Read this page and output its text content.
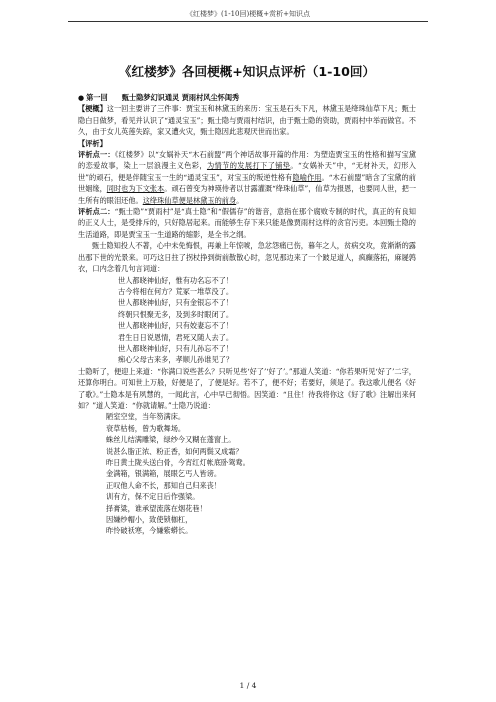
《红楼梦》(1-10回)梗概+赏析+知识点
《红楼梦》各回梗概+知识点评析（1-10回）
● 第一回 甄士隐梦幻识通灵 贾雨村风尘怀闺秀

【梗概】这一回主要讲了三件事：贾宝玉和林黛玉的来历：宝玉是石头下凡，林黛玉是绛珠仙草下凡；甄士隐白日做梦，看见并认识了“通灵宝玉”；甄士隐与贾雨村结识，由于甄士隐的资助，贾雨村中举而做官。不久，由于女儿英莲失踪，家又遭火灾，甄士隐因此悲观厌世而出家。

【评析】

评析点一：《红楼梦》以“女娲补天“木石前盟”两个神话故事开篇的作用：为塑造贾宝玉的性格和描写宝黛的恋爱故事，染上一层浪漫主义色彩，为情节的发展打下了铺垫。“女娲补天”中，“无材补天，幻形入世”的顽石，便是伴随宝玉一生的“通灵宝玉”，对宝玉的叛逆性格有隐喻作用。“木石前盟”暗含了宝黛的前世姻缘，同时也为下文张本。顽石曾变为神瑛侍者以甘露灌溉“绛珠仙草”，仙草为报恩，也要同人世，把一生所有的眼泪还他。这绛珠仙草便是林黛玉的前身。

评析点二：“甄士隐”“贾雨村”是“真士隐”和“假儒存”的谐音，意指在那个腐败专制的时代，真正的有良知的正义人士，是受排斥的，只好隐居起来。而能够生存下来只能是像贾雨村这样的贪官污吏。本回甄士隐的生活道路，即是贾宝玉一生道路的缩影，是全书之纲。

甄士隐知投人不著，心中未免悔恨，再兼上年惊唬，急忿怨痛已伤，暮年之人，贫病交攻，竟渐渐的露出那下世的光景来。可巧这日拄了拐杖挣到街前散散心时，忽见那边来了一个跛足道人，疯癫落拓，麻屣鹑衣，口内念着几句言词道：

世人都晓神仙好，惟有功名忘不了！
古今将相在何方？荒冢一堆草没了。
世人都晓神仙好，只有金银忘不了！
终朝只恨聚无多，及到多时眼闭了。
世人都晓神仙好，只有姣妻忘不了！
君生日日说恩情，君死又随人去了。
世人都晓神仙好，只有儿孙忘不了！
痴心父母古来多，孝顺儿孙谁见了？

士隐听了，便迎上来道：“你满口说些甚么？只听见些‘好了’‘好了’。”那道人笑道：“你若果听见‘好了’二字，还算你明白。可知世上万般，好便是了，了便是好。若不了，便不好；若要好，须是了。我这歌儿便名《好了歌》。”士隐本是有夙慧的，一闻此言，心中早已彻悟。因笑道：“且住！待我将你这《好了歌》注解出来何如？”道人笑道：“你就请解。”士隐乃说道：

陋室空堂，当年笏满床。
衰草枯杨，曾为歌舞场。
蛛丝儿结满雕梁，绿纱今又糊在蓬窗上。
说甚么脂正浓、粉正香，如何两鬓又成霜？
昨日黄土陇头送白骨，今宵红灯帐底卧鸳鸯。
金满箱，银满箱，展眼乞丐人皆谤。
正叹他人命不长，那知自己归来丧！
训有方，保不定日后作强梁。
择膏粱，谁承望流落在烟花巷！
因嫌纱帽小，致使锁枷杠，
昨怜破袄寒，今嫌紫蟒长。
1 / 4
